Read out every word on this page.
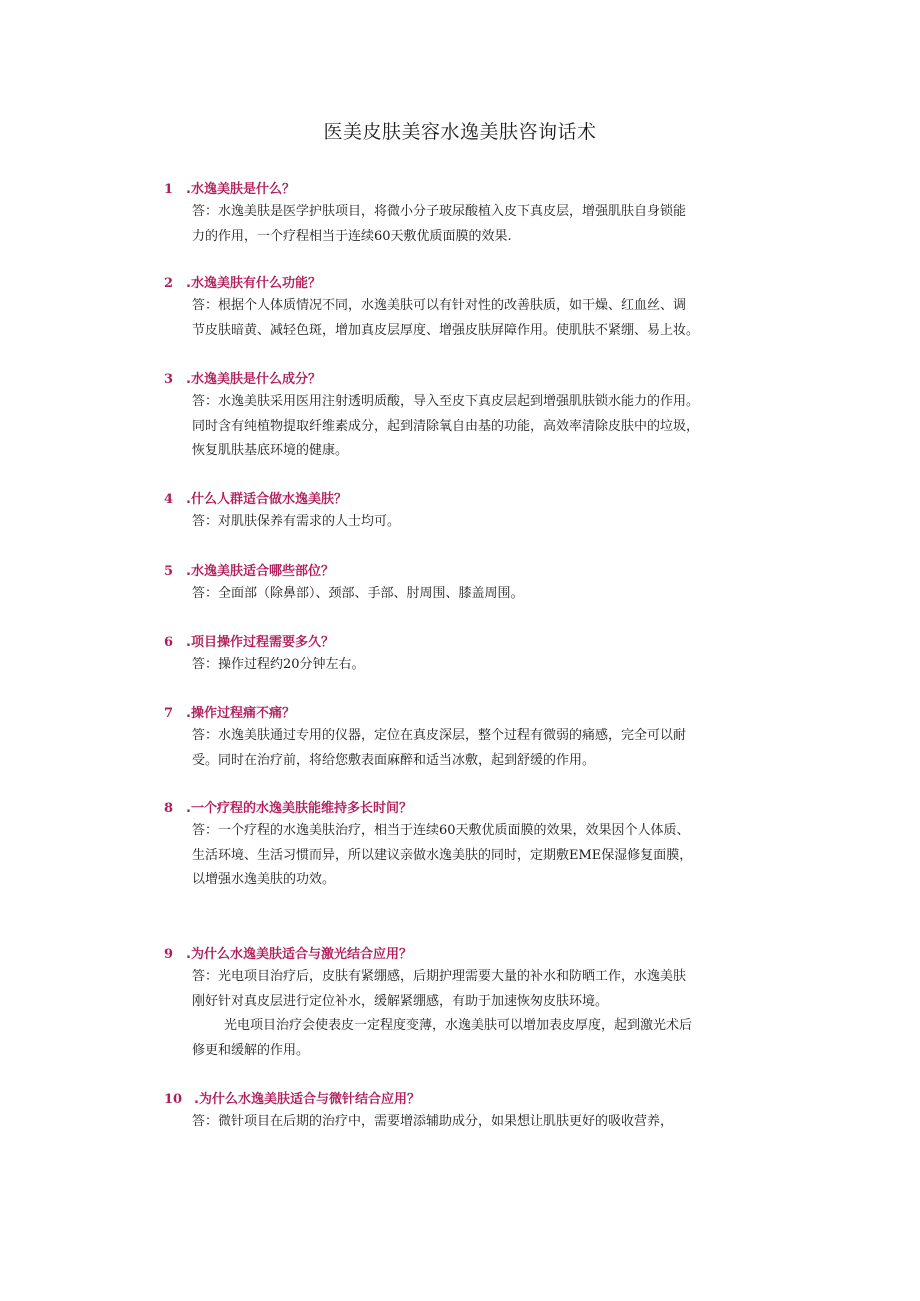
医美皮肤美容水逸美肤咨询话术
1 .水逸美肤是什么？
答：水逸美肤是医学护肤项目，将微小分子玻尿酸植入皮下真皮层，增强肌肤自身锁能
力的作用，一个疗程相当于连续60天敷优质面膜的效果.
2 .水逸美肤有什么功能？
答：根据个人体质情况不同，水逸美肤可以有针对性的改善肤质，如干燥、红血丝、调
节皮肤暗黄、减轻色斑，增加真皮层厚度、增强皮肤屏障作用。使肌肤不紧绷、易上妆。
3 .水逸美肤是什么成分？
答：水逸美肤采用医用注射透明质酸，导入至皮下真皮层起到增强肌肤锁水能力的作用。
同时含有纯植物提取纤维素成分，起到清除氧自由基的功能，高效率清除皮肤中的垃圾，
恢复肌肤基底环境的健康。
4 .什么人群适合做水逸美肤？
答：对肌肤保养有需求的人士均可。
5 .水逸美肤适合哪些部位？
答：全面部（除鼻部）、颈部、手部、肘周围、膝盖周围。
6 .项目操作过程需要多久？
答：操作过程约20分钟左右。
7 .操作过程痛不痛？
答：水逸美肤通过专用的仪器，定位在真皮深层，整个过程有微弱的痛感，完全可以耐
受。同时在治疗前，将给您敷表面麻醉和适当冰敷，起到舒缓的作用。
8 .一个疗程的水逸美肤能维持多长时间？
答：一个疗程的水逸美肤治疗，相当于连续60天敷优质面膜的效果，效果因个人体质、
生活环境、生活习惯而异，所以建议亲做水逸美肤的同时，定期敷EME保湿修复面膜，
以增强水逸美肤的功效。
9 .为什么水逸美肤适合与激光结合应用？
答：光电项目治疗后，皮肤有紧绷感，后期护理需要大量的补水和防晒工作，水逸美肤
刚好针对真皮层进行定位补水，缓解紧绷感，有助于加速恢匆皮肤环境。
光电项目治疗会使表皮一定程度变薄，水逸美肤可以增加表皮厚度，起到激光术后
修更和缓解的作用。
10 .为什么水逸美肤适合与微针结合应用？
答：微针项目在后期的治疗中，需要增添辅助成分，如果想让肌肤更好的吸收营养，
